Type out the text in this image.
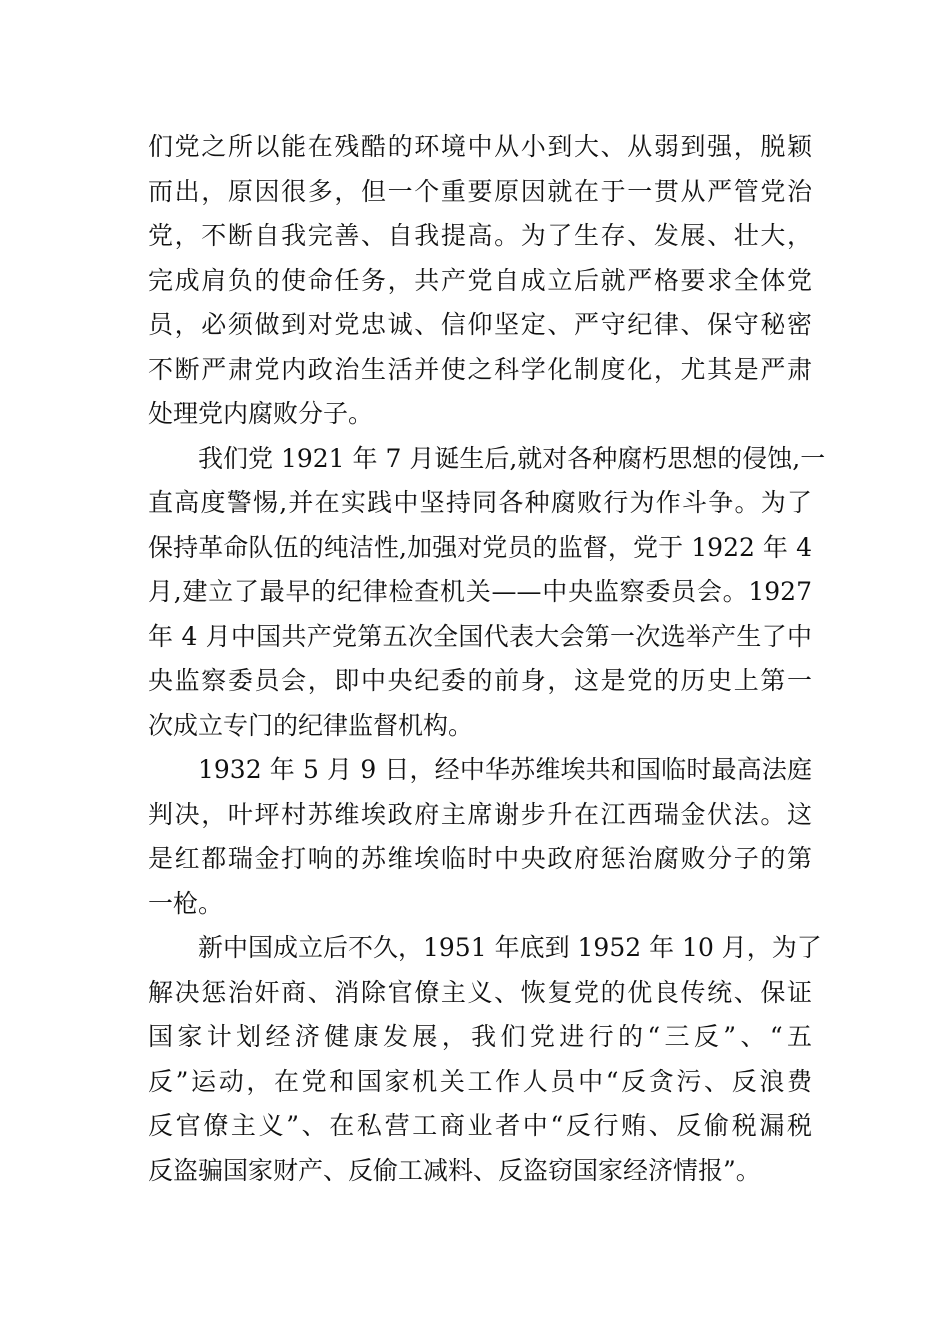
们党之所以能在残酷的环境中从小到大、从弱到强，脱颖
而出，原因很多，但一个重要原因就在于一贯从严管党治
党，不断自我完善、自我提高。为了生存、发展、壮大，
完成肩负的使命任务，共产党自成立后就严格要求全体党
员，必须做到对党忠诚、信仰坚定、严守纪律、保守秘密
不断严肃党内政治生活并使之科学化制度化，尤其是严肃
处理党内腐败分子。
我们党 1921 年 7 月诞生后,就对各种腐朽思想的侵蚀,一
直高度警惕,并在实践中坚持同各种腐败行为作斗争。为了
保持革命队伍的纯洁性,加强对党员的监督，党于 1922 年 4
月,建立了最早的纪律检查机关——中央监察委员会。1927
年 4 月中国共产党第五次全国代表大会第一次选举产生了中
央监察委员会，即中央纪委的前身，这是党的历史上第一
次成立专门的纪律监督机构。
1932 年 5 月 9 日，经中华苏维埃共和国临时最高法庭
判决，叶坪村苏维埃政府主席谢步升在江西瑞金伏法。这
是红都瑞金打响的苏维埃临时中央政府惩治腐败分子的第
一枪。
新中国成立后不久，1951 年底到 1952 年 10 月，为了
解决惩治奸商、消除官僚主义、恢复党的优良传统、保证
国家计划经济健康发展，我们党进行的“三反”、“五
反”运动，在党和国家机关工作人员中“反贪污、反浪费
反官僚主义”、在私营工商业者中“反行贿、反偷税漏税
反盗骗国家财产、反偷工减料、反盗窃国家经济情报”。
